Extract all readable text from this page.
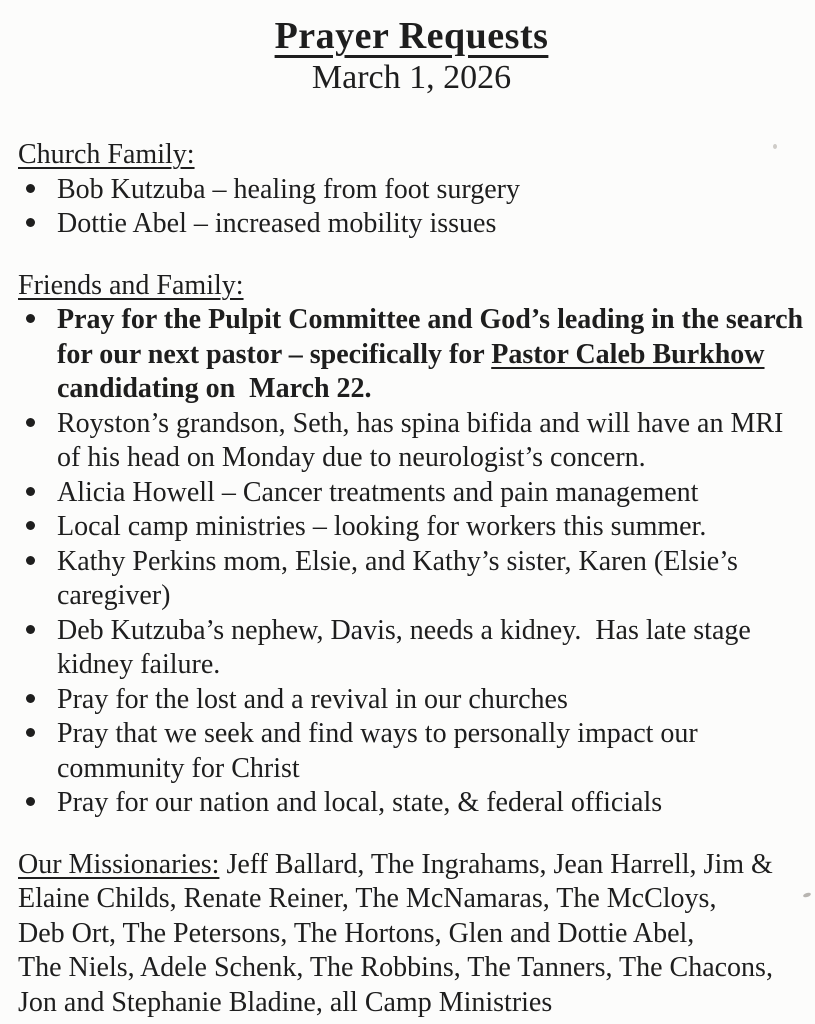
Prayer Requests
March 1, 2026
Church Family:
Bob Kutzuba – healing from foot surgery
Dottie Abel – increased mobility issues
Friends and Family:
Pray for the Pulpit Committee and God’s leading in the search for our next pastor – specifically for Pastor Caleb Burkhow candidating on  March 22.
Royston’s grandson, Seth, has spina bifida and will have an MRI of his head on Monday due to neurologist’s concern.
Alicia Howell – Cancer treatments and pain management
Local camp ministries – looking for workers this summer.
Kathy Perkins mom, Elsie, and Kathy’s sister, Karen (Elsie’s caregiver)
Deb Kutzuba’s nephew, Davis, needs a kidney.  Has late stage kidney failure.
Pray for the lost and a revival in our churches
Pray that we seek and find ways to personally impact our community for Christ
Pray for our nation and local, state, & federal officials

Our Missionaries: Jeff Ballard, The Ingrahams, Jean Harrell, Jim &
Elaine Childs, Renate Reiner, The McNamaras, The McCloys,
Deb Ort, The Petersons, The Hortons, Glen and Dottie Abel,
The Niels, Adele Schenk, The Robbins, The Tanners, The Chacons,
Jon and Stephanie Bladine, all Camp Ministries
